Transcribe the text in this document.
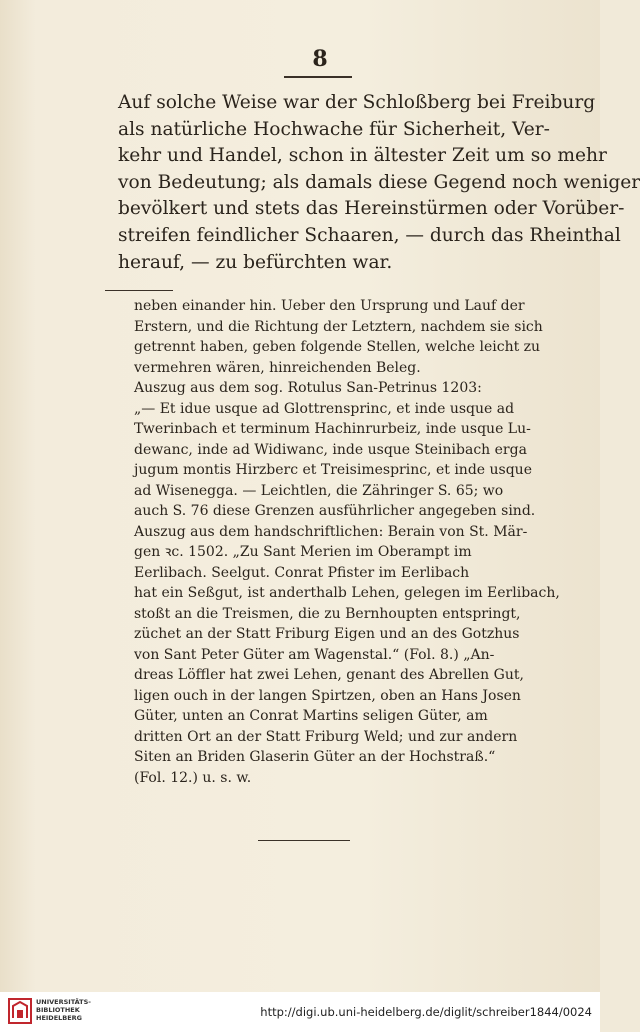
8
Auf solche Weise war der Schloßberg bei Freiburg
als natürliche Hochwache für Sicherheit, Ver-
kehr und Handel, schon in ältester Zeit um so mehr
von Bedeutung; als damals diese Gegend noch weniger
bevölkert und stets das Hereinstürmen oder Vorüber-
streifen feindlicher Schaaren, — durch das Rheinthal
herauf, — zu befürchten war.
neben einander hin. Ueber den Ursprung und Lauf der
Erstern, und die Richtung der Letztern, nachdem sie sich
getrennt haben, geben folgende Stellen, welche leicht zu
vermehren wären, hinreichenden Beleg.
Auszug aus dem sog. Rotulus San-Petrinus 1203:
„— Et idue usque ad Glottrensprinc, et inde usque ad
Twerinbach et terminum Hachinrurbeiz, inde usque Lu-
dewanc, inde ad Widiwanc, inde usque Steinibach erga
jugum montis Hirzberc et Treisimesprinc, et inde usque
ad Wisenegga. — Leichtlen, die Zähringer S. 65; wo
auch S. 76 diese Grenzen ausführlicher angegeben sind.
Auszug aus dem handschriftlichen: Berain von St. Mär-
gen ꝛc. 1502. „Zu Sant Merien im Oberampt im
Eerlibach. Seelgut. Conrat Pfister im Eerlibach
hat ein Seßgut, ist anderthalb Lehen, gelegen im Eerlibach,
stoßt an die Treismen, die zu Bernhoupten entspringt,
züchet an der Statt Friburg Eigen und an des Gotzhus
von Sant Peter Güter am Wagenstal.“ (Fol. 8.) „An-
dreas Löffler hat zwei Lehen, genant des Abrellen Gut,
ligen ouch in der langen Spirtzen, oben an Hans Josen
Güter, unten an Conrat Martins seligen Güter, am
dritten Ort an der Statt Friburg Weld; und zur andern
Siten an Briden Glaserin Güter an der Hochstraß.“
(Fol. 12.) u. s. w.
UNIVERSITÄTS-
BIBLIOTHEK
HEIDELBERG	http://digi.ub.uni-heidelberg.de/diglit/schreiber1844/0024
